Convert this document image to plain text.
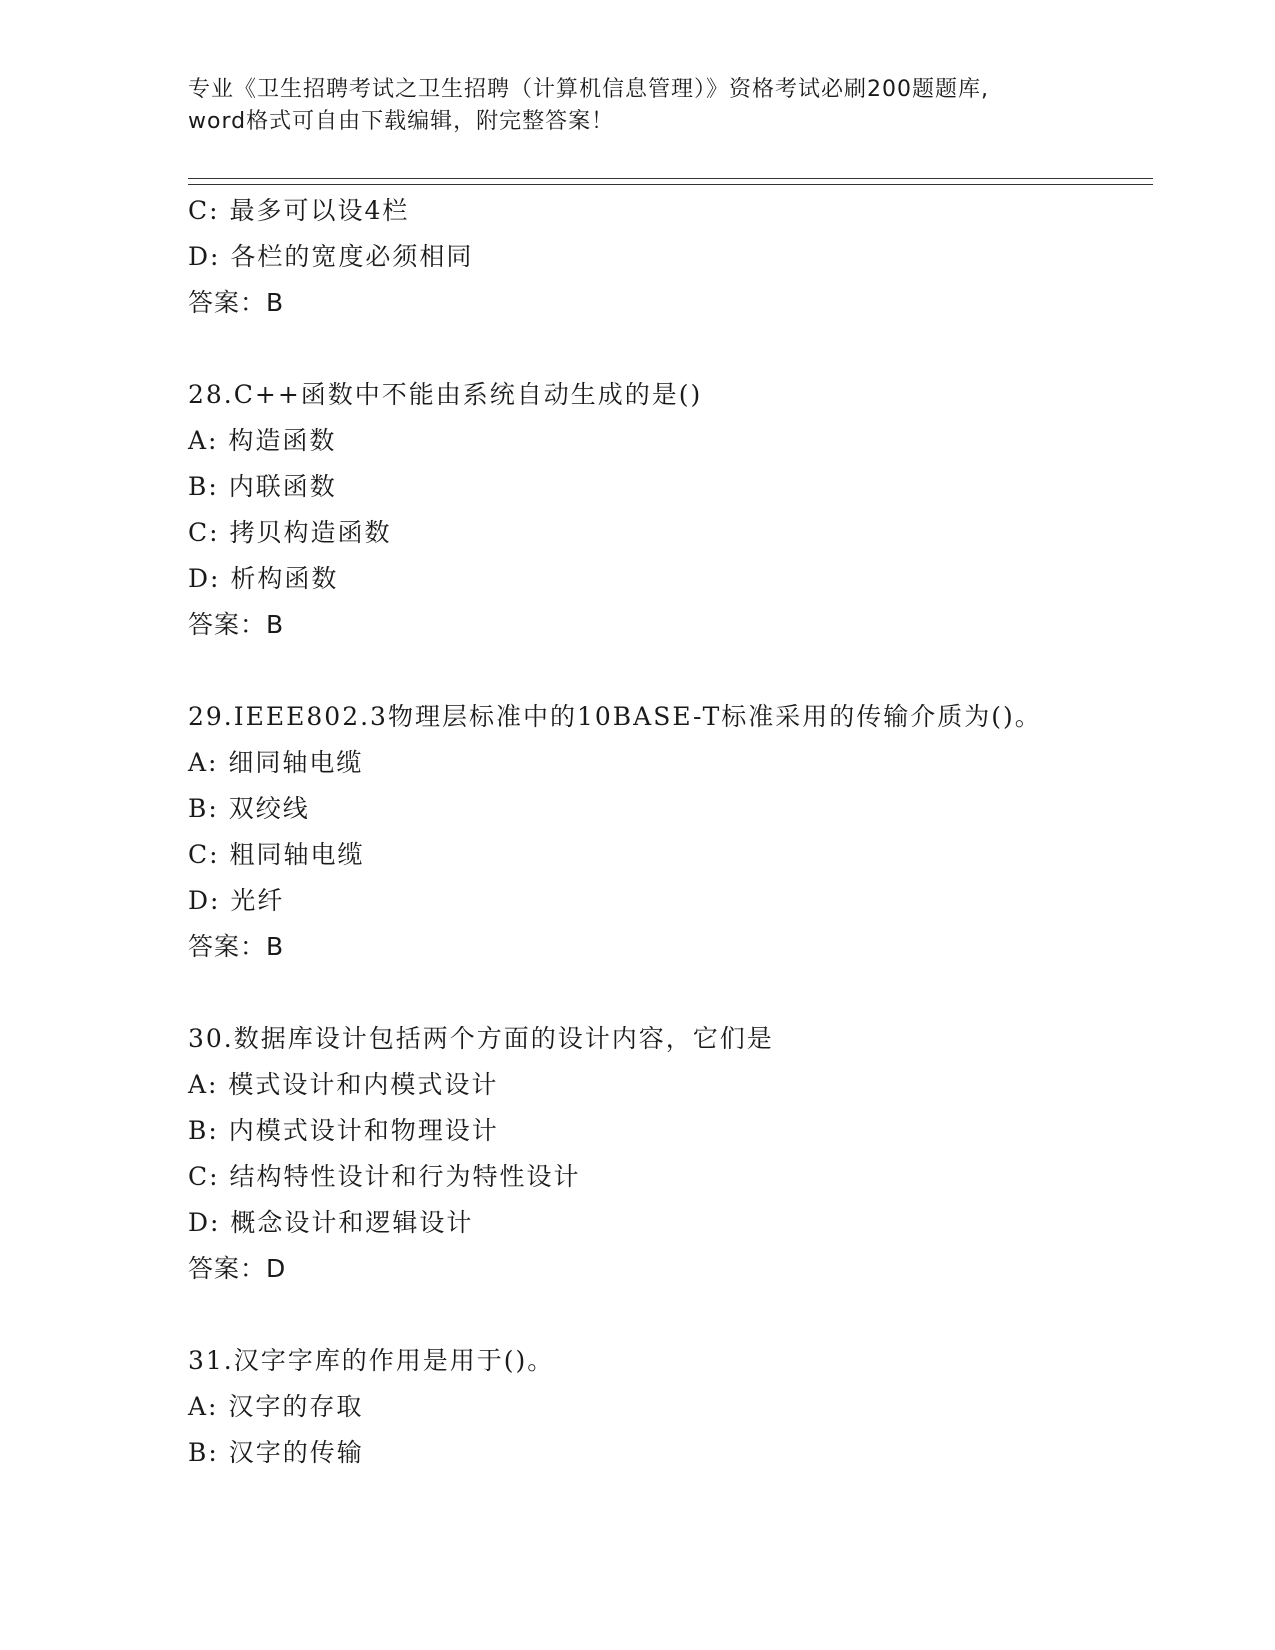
专业《卫生招聘考试之卫生招聘（计算机信息管理）》资格考试必刷200题题库,
word格式可自由下载编辑，附完整答案！
C: 最多可以设4栏
D: 各栏的宽度必须相同
答案：B
28.C++函数中不能由系统自动生成的是()
A: 构造函数
B: 内联函数
C: 拷贝构造函数
D: 析构函数
答案：B
29.IEEE802.3物理层标准中的10BASE-T标准采用的传输介质为()。
A: 细同轴电缆
B: 双绞线
C: 粗同轴电缆
D: 光纤
答案：B
30.数据库设计包括两个方面的设计内容，它们是
A: 模式设计和内模式设计
B: 内模式设计和物理设计
C: 结构特性设计和行为特性设计
D: 概念设计和逻辑设计
答案：D
31.汉字字库的作用是用于()。
A: 汉字的存取
B: 汉字的传输
